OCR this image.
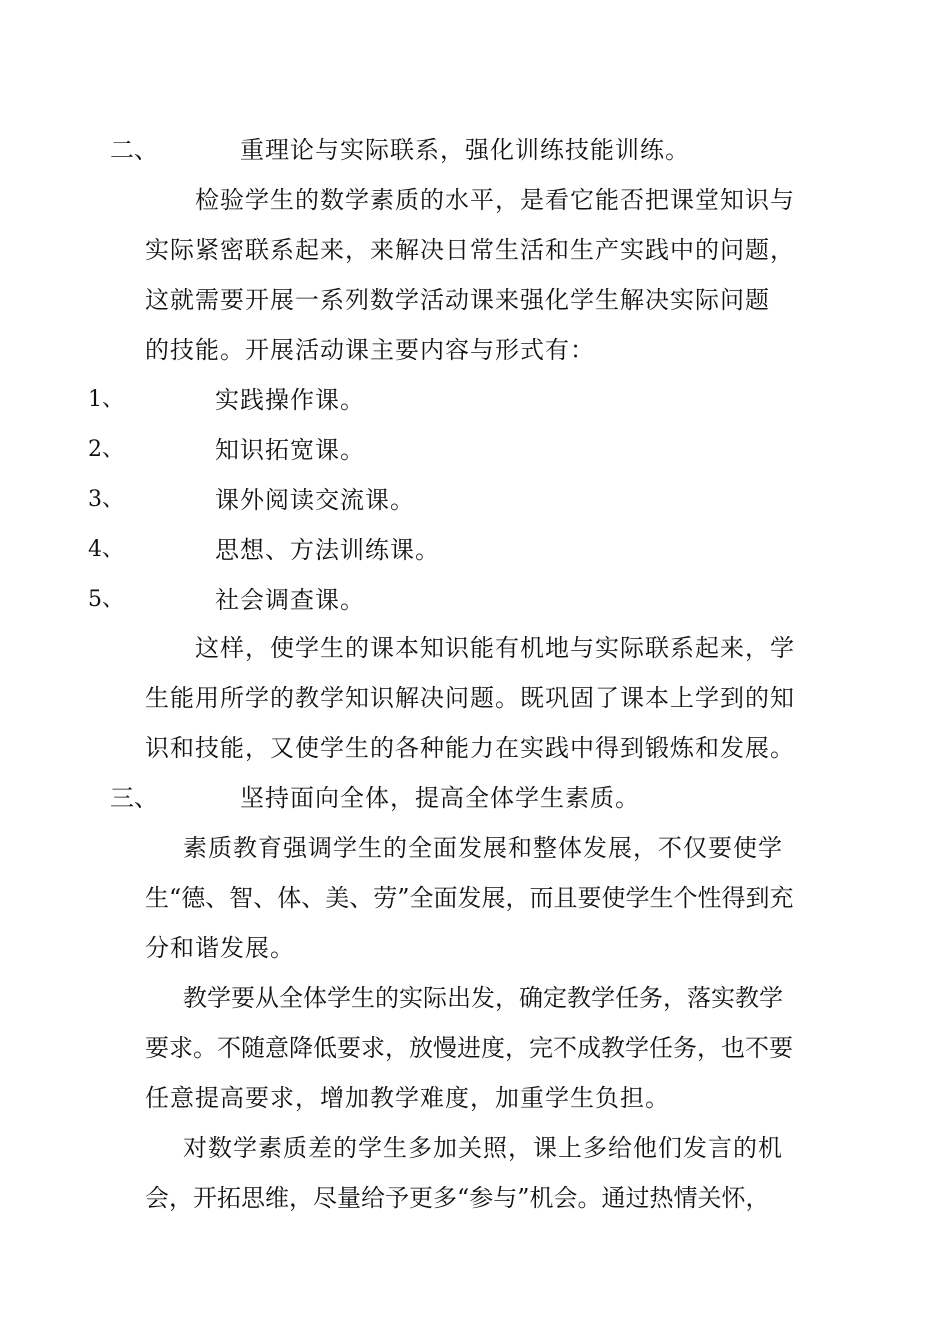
二、	重理论与实际联系，强化训练技能训练。
检验学生的数学素质的水平，是看它能否把课堂知识与
实际紧密联系起来，来解决日常生活和生产实践中的问题，
这就需要开展一系列数学活动课来强化学生解决实际问题
的技能。开展活动课主要内容与形式有：
1、	实践操作课。
2、	知识拓宽课。
3、	课外阅读交流课。
4、	思想、方法训练课。
5、	社会调查课。
这样，使学生的课本知识能有机地与实际联系起来，学
生能用所学的教学知识解决问题。既巩固了课本上学到的知
识和技能，又使学生的各种能力在实践中得到锻炼和发展。
三、	坚持面向全体，提高全体学生素质。
素质教育强调学生的全面发展和整体发展，不仅要使学
生“德、智、体、美、劳”全面发展，而且要使学生个性得到充
分和谐发展。
教学要从全体学生的实际出发，确定教学任务，落实教学
要求。不随意降低要求，放慢进度，完不成教学任务，也不要
任意提高要求，增加教学难度，加重学生负担。
对数学素质差的学生多加关照，课上多给他们发言的机
会，开拓思维，尽量给予更多“参与”机会。通过热情关怀，
